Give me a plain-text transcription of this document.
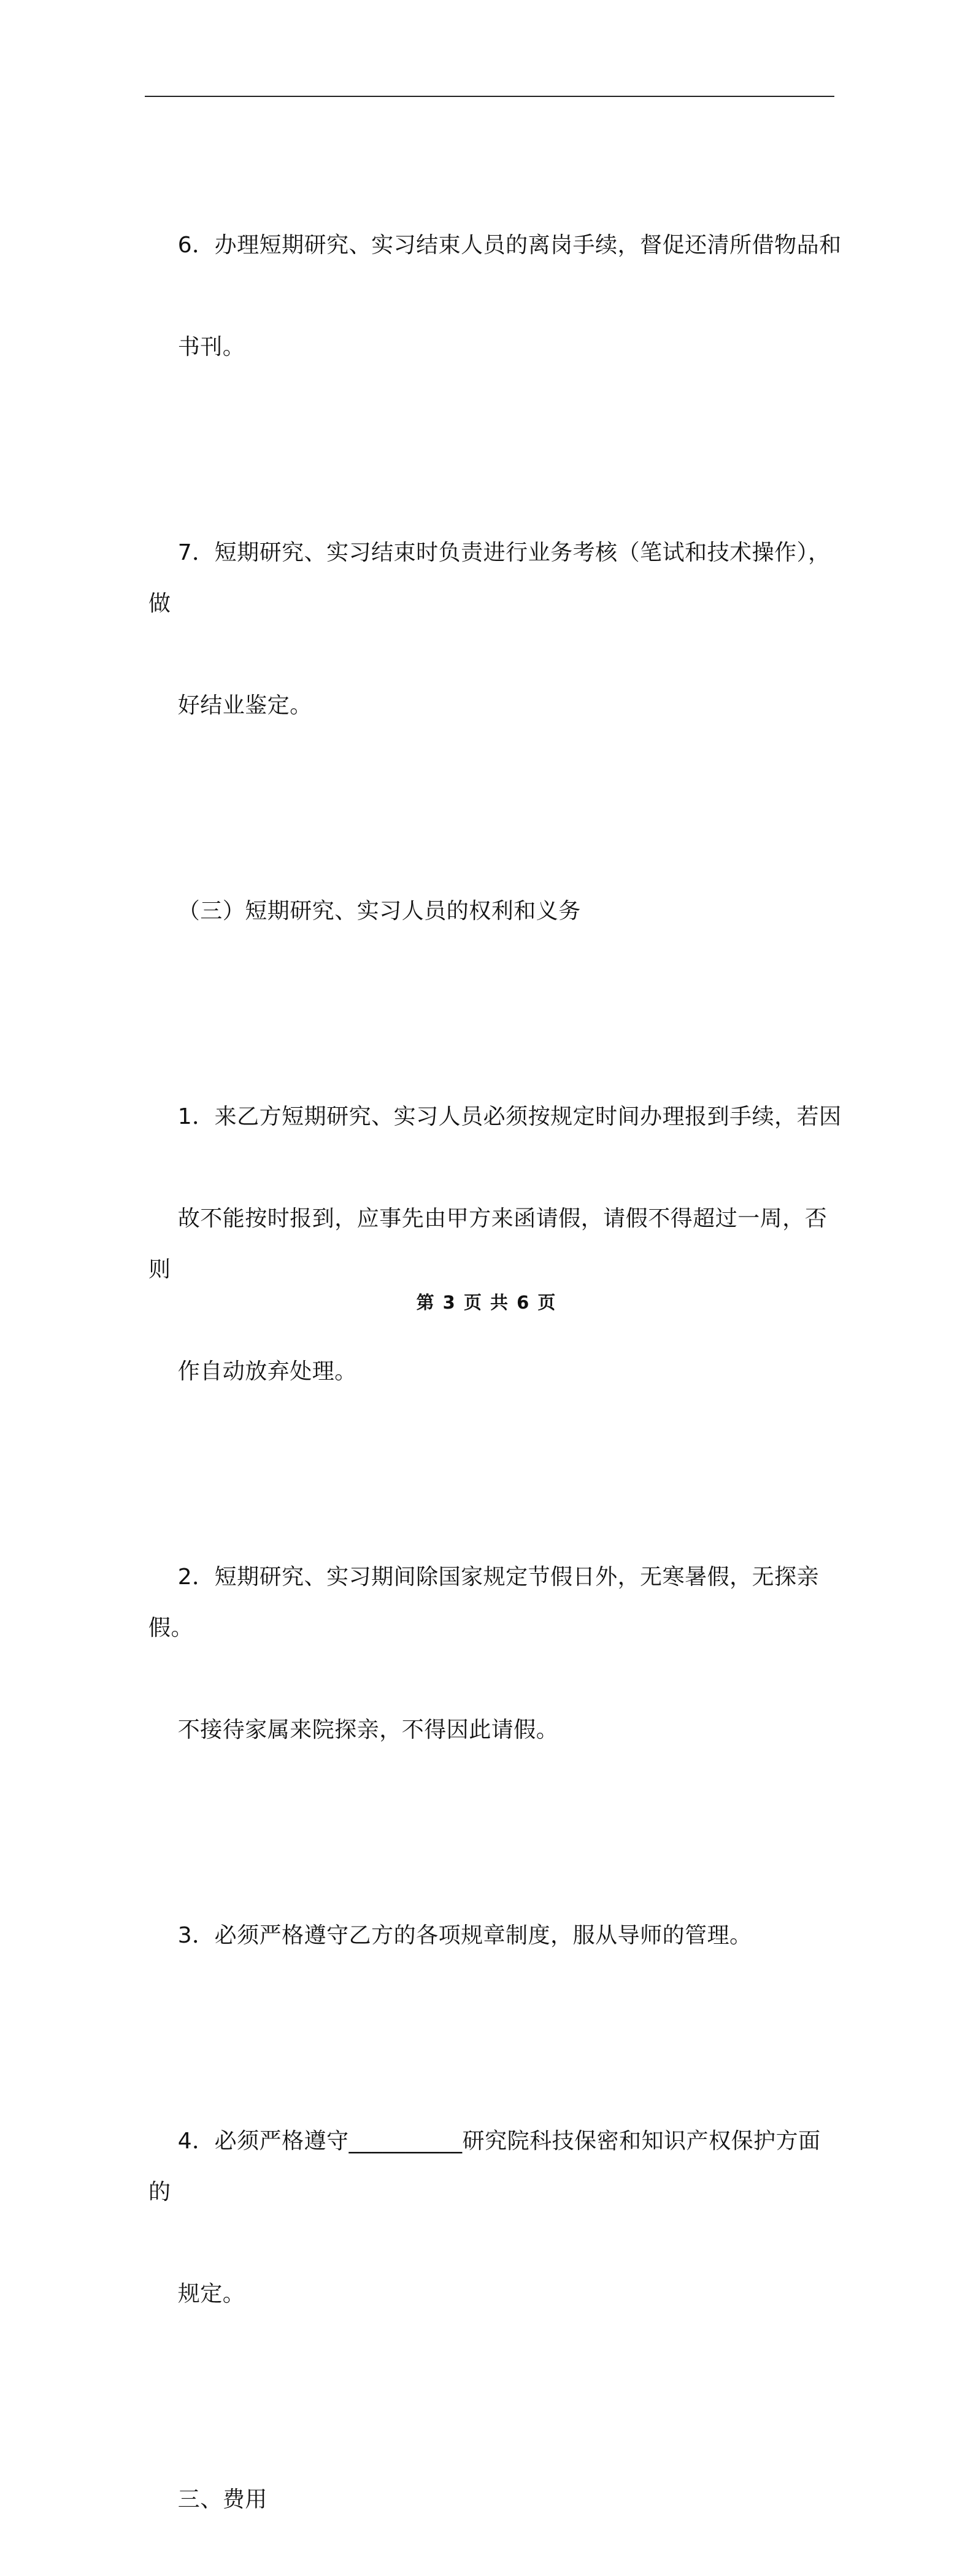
6．办理短期研究、实习结束人员的离岗手续，督促还清所借物品和

书刊。

7．短期研究、实习结束时负责进行业务考核（笔试和技术操作），做

好结业鉴定。

（三）短期研究、实习人员的权利和义务

1．来乙方短期研究、实习人员必须按规定时间办理报到手续，若因

故不能按时报到，应事先由甲方来函请假，请假不得超过一周，否则

作自动放弃处理。

2．短期研究、实习期间除国家规定节假日外，无寒暑假，无探亲假。

不接待家属来院探亲，不得因此请假。

3．必须严格遵守乙方的各项规章制度，服从导师的管理。

4．必须严格遵守__________研究院科技保密和知识产权保护方面的

规定。

三、费用

第 3 页 共 6 页
